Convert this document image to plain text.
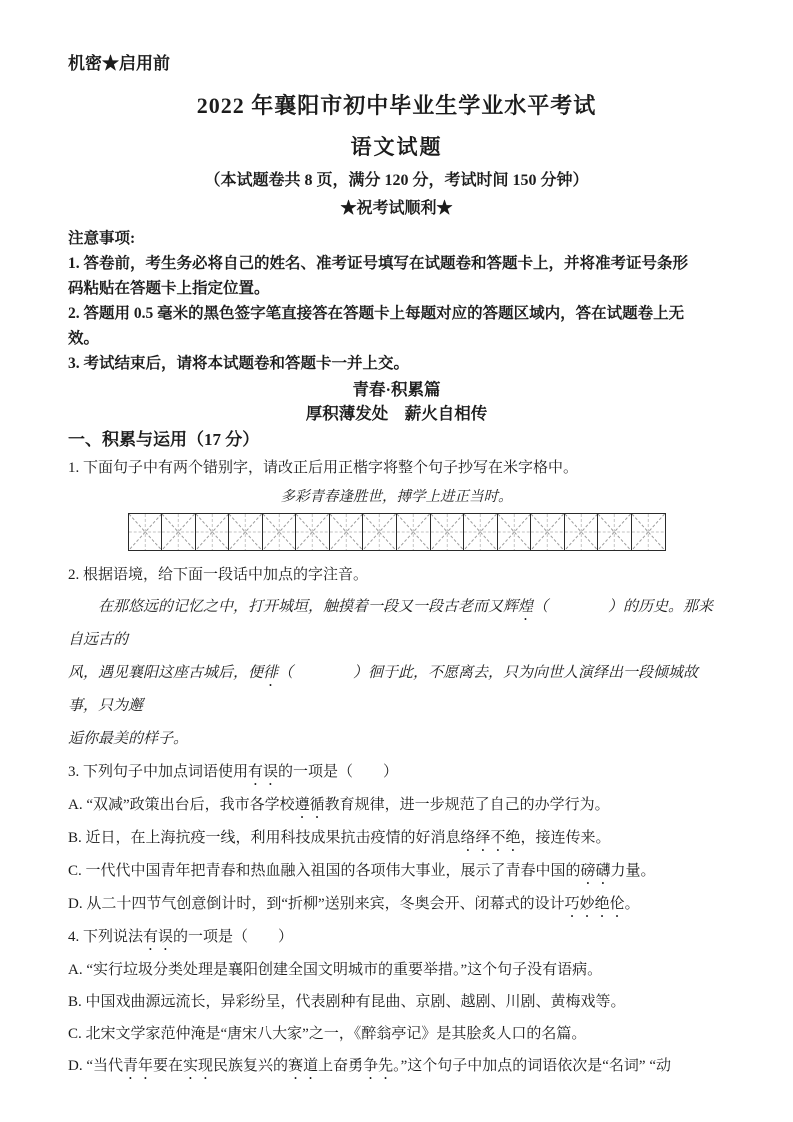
机密★启用前
2022 年襄阳市初中毕业生学业水平考试
语文试题
（本试题卷共 8 页，满分 120 分，考试时间 150 分钟）
★祝考试顺利★
注意事项:
1. 答卷前，考生务必将自己的姓名、准考证号填写在试题卷和答题卡上，并将准考证号条形
码粘贴在答题卡上指定位置。
2. 答题用 0.5 毫米的黑色签字笔直接答在答题卡上每题对应的答题区域内，答在试题卷上无
效。
3. 考试结束后，请将本试题卷和答题卡一并上交。
青春·积累篇
厚积薄发处　薪火自相传
一、积累与运用（17 分）
1. 下面句子中有两个错别字，请改正后用正楷字将整个句子抄写在米字格中。
多彩青春逢胜世，搏学上进正当时。
2. 根据语境，给下面一段话中加点的字注音。
在那悠远的记忆之中，打开城垣，触摸着一段又一段古老而又辉煌（　　　　）的历史。那来自远古的
风，遇见襄阳这座古城后，便徘（　　　　）徊于此，不愿离去，只为向世人演绎出一段倾城故事，只为邂
逅你最美的样子。
3. 下列句子中加点词语使用有误的一项是（　　）
A. “双减”政策出台后，我市各学校遵循教育规律，进一步规范了自己的办学行为。
B. 近日，在上海抗疫一线，利用科技成果抗击疫情的好消息络绎不绝，接连传来。
C. 一代代中国青年把青春和热血融入祖国的各项伟大事业，展示了青春中国的磅礴力量。
D. 从二十四节气创意倒计时，到“折柳”送别来宾，冬奥会开、闭幕式的设计巧妙绝伦。
4. 下列说法有误的一项是（　　）
A. “实行垃圾分类处理是襄阳创建全国文明城市的重要举措。”这个句子没有语病。
B. 中国戏曲源远流长，异彩纷呈，代表剧种有昆曲、京剧、越剧、川剧、黄梅戏等。
C. 北宋文学家范仲淹是“唐宋八大家”之一，《醉翁亭记》是其脍炙人口的名篇。
D. “当代青年要在实现民族复兴的赛道上奋勇争先。”这个句子中加点的词语依次是“名词” “动
